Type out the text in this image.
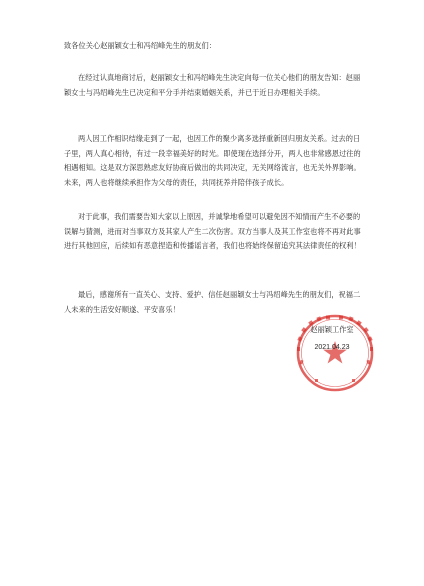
致各位关心赵丽颖女士和冯绍峰先生的朋友们：

在经过认真地商讨后，赵丽颖女士和冯绍峰先生决定向每一位关心他们的朋友告知：赵丽颖女士与冯绍峰先生已决定和平分手并结束婚姻关系，并已于近日办理相关手续。

两人因工作相识结缘走到了一起，也因工作的聚少离多选择重新回归朋友关系。过去的日子里，两人真心相待，有过一段幸福美好的时光。即使现在选择分开，两人也非常感恩过往的相遇相知。这是双方深思熟虑友好协商后做出的共同决定，无关网络流言，也无关外界影响。未来，两人也将继续承担作为父母的责任，共同抚养并陪伴孩子成长。

对于此事，我们需要告知大家以上原因，并诚挚地希望可以避免因不知情而产生不必要的误解与猜测，进而对当事双方及其家人产生二次伤害。双方当事人及其工作室也将不再对此事进行其他回应，后续如有恶意捏造和传播谣言者，我们也将始终保留追究其法律责任的权利！

最后，感谢所有一直关心、支持、爱护、信任赵丽颖女士与冯绍峰先生的朋友们，祝福二人未来的生活安好顺遂、平安喜乐！

赵丽颖工作室
2021.04.23
